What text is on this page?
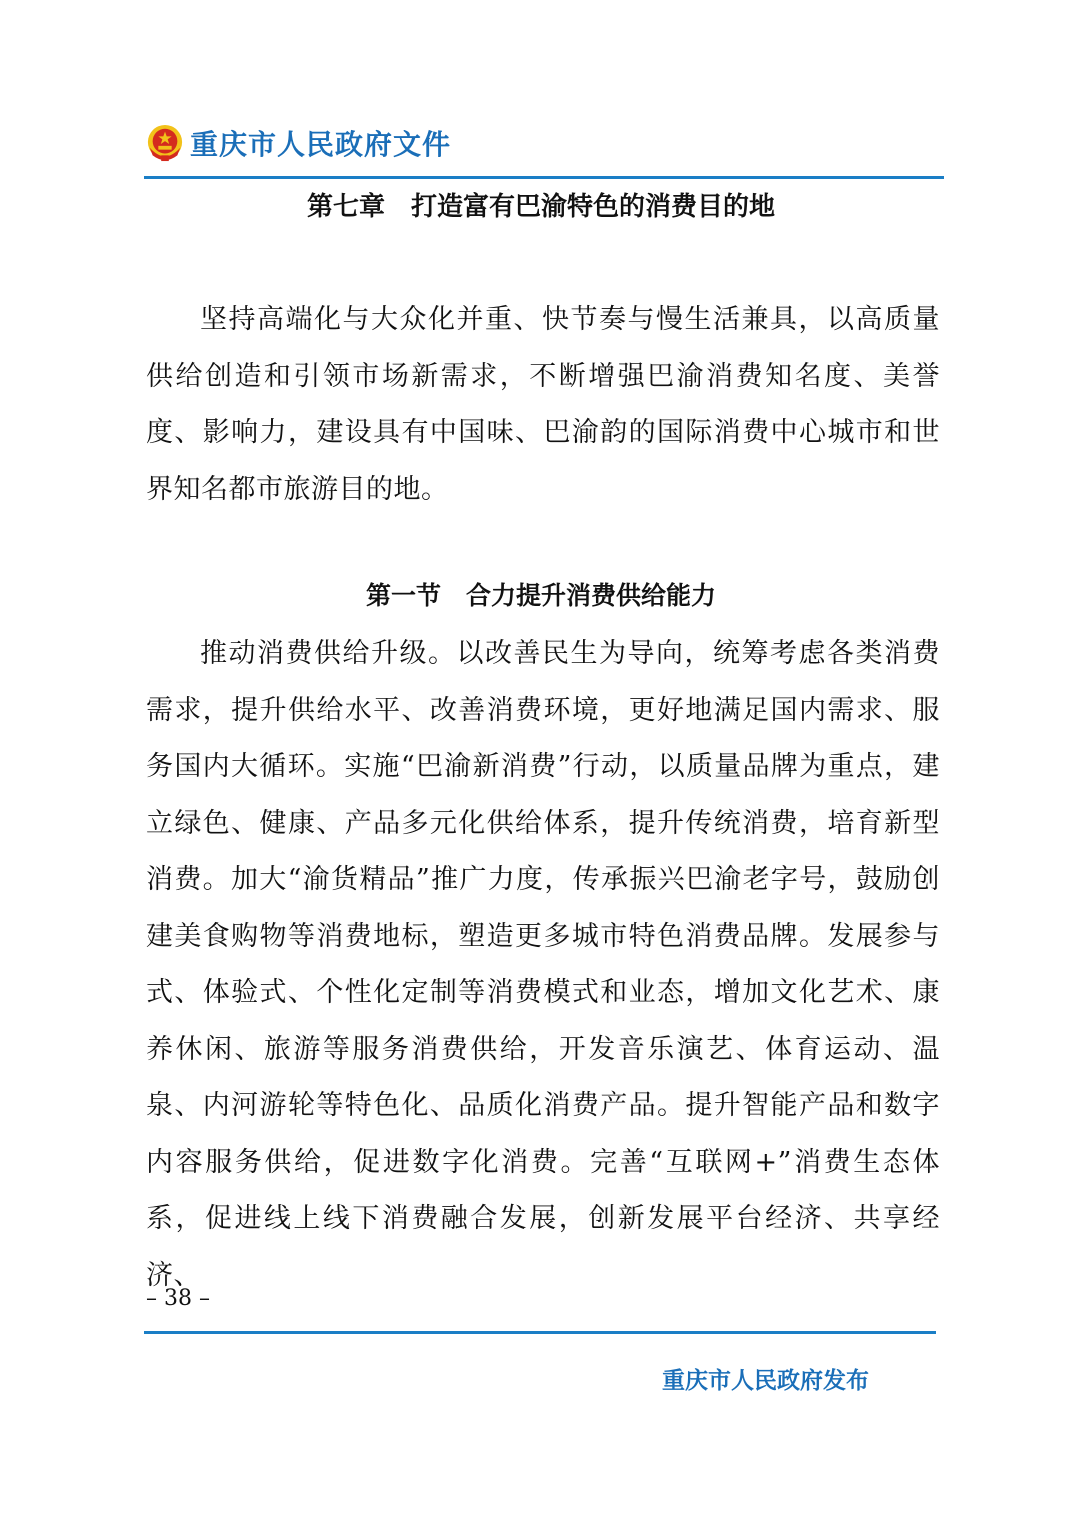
重庆市人民政府文件
第七章　打造富有巴渝特色的消费目的地

坚持高端化与大众化并重、快节奏与慢生活兼具，以高质量供给创造和引领市场新需求，不断增强巴渝消费知名度、美誉度、影响力，建设具有中国味、巴渝韵的国际消费中心城市和世界知名都市旅游目的地。

第一节　合力提升消费供给能力

推动消费供给升级。以改善民生为导向，统筹考虑各类消费需求，提升供给水平、改善消费环境，更好地满足国内需求、服务国内大循环。实施“巴渝新消费”行动，以质量品牌为重点，建立绿色、健康、产品多元化供给体系，提升传统消费，培育新型消费。加大“渝货精品”推广力度，传承振兴巴渝老字号，鼓励创建美食购物等消费地标，塑造更多城市特色消费品牌。发展参与式、体验式、个性化定制等消费模式和业态，增加文化艺术、康养休闲、旅游等服务消费供给，开发音乐演艺、体育运动、温泉、内河游轮等特色化、品质化消费产品。提升智能产品和数字内容服务供给，促进数字化消费。完善“互联网+”消费生态体系，促进线上线下消费融合发展，创新发展平台经济、共享经济、

– 38 –
重庆市人民政府发布
